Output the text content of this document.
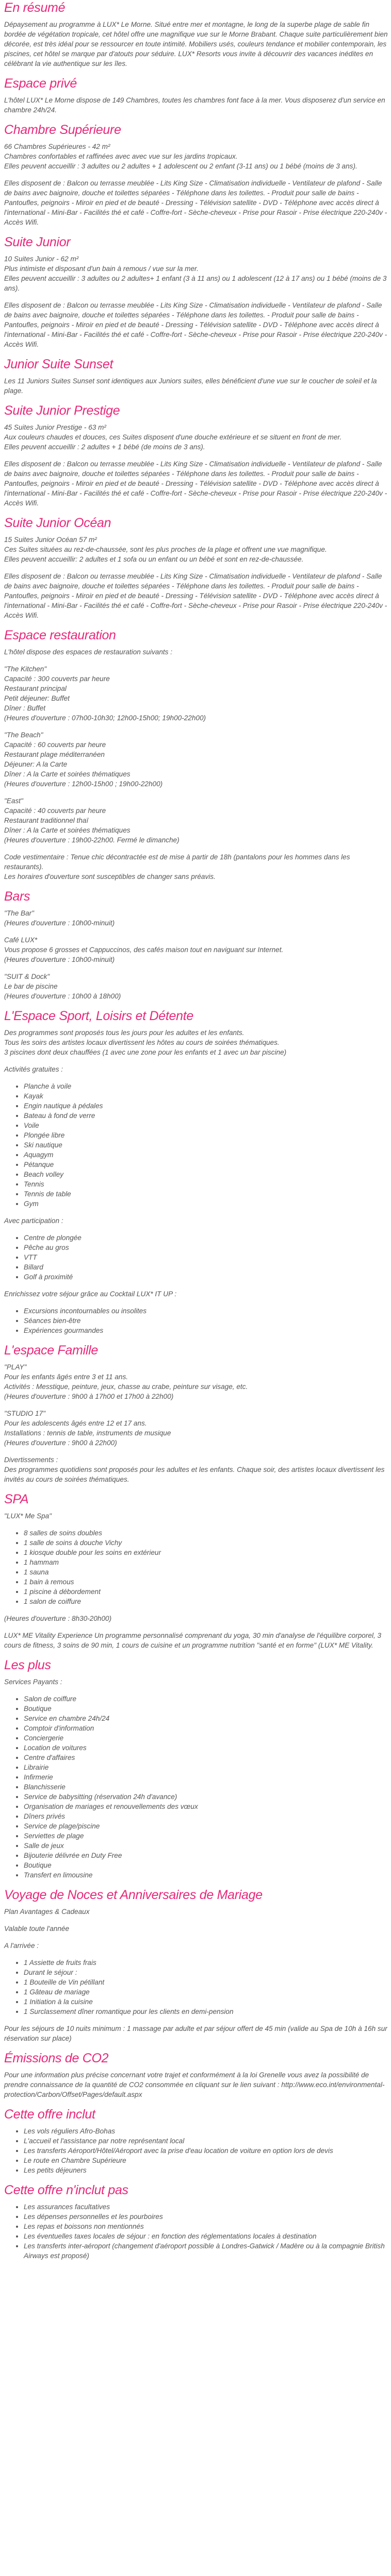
En résumé

Dépaysement au programme à LUX* Le Morne. Situé entre mer et montagne, le long de la superbe plage de sable fin bordée de végétation tropicale, cet hôtel offre une magnifique vue sur le Morne Brabant. Chaque suite particulièrement bien décorée, est très idéal pour se ressourcer en toute intimité. Mobiliers usés, couleurs tendance et mobilier contemporain, les piscines, cet hôtel se marque par d'atouts pour séduire. LUX* Resorts vous invite à découvrir des vacances inédites en célébrant la vie authentique sur les îles.

Espace privé

L'hôtel LUX* Le Morne dispose de 149 Chambres, toutes les chambres font face à la mer. Vous disposerez d'un service en chambre 24h/24.

Chambre Supérieure

66 Chambres Supérieures - 42 m²
Chambres confortables et raffinées avec avec vue sur les jardins tropicaux.
Elles peuvent accueillir : 3 adultes ou 2 adultes + 1 adolescent ou 2 enfant (3-11 ans) ou 1 bébé (moins de 3 ans).

Elles disposent de : Balcon ou terrasse meublée - Lits King Size - Climatisation individuelle - Ventilateur de plafond - Salle de bains avec baignoire, douche et toilettes séparées - Téléphone dans les toilettes. - Produit pour salle de bains - Pantoufles, peignoirs - Miroir en pied et de beauté - Dressing - Télévision satellite - DVD - Téléphone avec accès direct à l'international - Mini-Bar - Facilités thé et café - Coffre-fort - Sèche-cheveux - Prise pour Rasoir - Prise électrique 220-240v - Accès Wifi.

Suite Junior

10 Suites Junior - 62 m²
Plus intimiste et disposant d'un bain à remous / vue sur la mer.
Elles peuvent accueillir : 3 adultes ou 2 adultes+ 1 enfant (3 à 11 ans) ou 1 adolescent (12 à 17 ans) ou 1 bébé (moins de 3 ans).

Elles disposent de : Balcon ou terrasse meublée - Lits King Size - Climatisation individuelle - Ventilateur de plafond - Salle de bains avec baignoire, douche et toilettes séparées - Téléphone dans les toilettes. - Produit pour salle de bains - Pantoufles, peignoirs - Miroir en pied et de beauté - Dressing - Télévision satellite - DVD - Téléphone avec accès direct à l'international - Mini-Bar - Facilités thé et café - Coffre-fort - Sèche-cheveux - Prise pour Rasoir - Prise électrique 220-240v - Accès Wifi.

Junior Suite Sunset

Les 11 Juniors Suites Sunset sont identiques aux Juniors suites, elles bénéficient d'une vue sur le coucher de soleil et la plage.

Suite Junior Prestige

45 Suites Junior Prestige - 63 m²
Aux couleurs chaudes et douces, ces Suites disposent d'une douche extérieure et se situent en front de mer.
Elles peuvent accueillir : 2 adultes + 1 bébé (de moins de 3 ans).

Elles disposent de : Balcon ou terrasse meublée - Lits King Size - Climatisation individuelle - Ventilateur de plafond - Salle de bains avec baignoire, douche et toilettes séparées - Téléphone dans les toilettes. - Produit pour salle de bains - Pantoufles, peignoirs - Miroir en pied et de beauté - Dressing - Télévision satellite - DVD - Téléphone avec accès direct à l'international - Mini-Bar - Facilités thé et café - Coffre-fort - Sèche-cheveux - Prise pour Rasoir - Prise électrique 220-240v - Accès Wifi.

Suite Junior Océan

15 Suites Junior Océan 57 m²
Ces Suites situées au rez-de-chaussée, sont les plus proches de la plage et offrent une vue magnifique.
Elles peuvent accueillir: 2 adultes et 1 sofa ou un enfant ou un bébé et sont en rez-de-chaussée.

Elles disposent de : Balcon ou terrasse meublée - Lits King Size - Climatisation individuelle - Ventilateur de plafond - Salle de bains avec baignoire, douche et toilettes séparées - Téléphone dans les toilettes. - Produit pour salle de bains - Pantoufles, peignoirs - Miroir en pied et de beauté - Dressing - Télévision satellite - DVD - Téléphone avec accès direct à l'international - Mini-Bar - Facilités thé et café - Coffre-fort - Sèche-cheveux - Prise pour Rasoir - Prise électrique 220-240v - Accès Wifi.

Espace restauration

L'hôtel dispose des espaces de restauration suivants :

"The Kitchen"
Capacité : 300 couverts par heure
Restaurant principal
Petit déjeuner: Buffet
Dîner : Buffet
(Heures d'ouverture : 07h00-10h30; 12h00-15h00; 19h00-22h00)

"The Beach"
Capacité : 60 couverts par heure
Restaurant plage méditerranéen
Déjeuner: A la Carte
Dîner : A la Carte et soirées thématiques
(Heures d'ouverture : 12h00-15h00 ; 19h00-22h00)

"East"
Capacité : 40 couverts par heure
Restaurant traditionnel thaï
Dîner : A la Carte et soirées thématiques
(Heures d'ouverture : 19h00-22h00. Fermé le dimanche)

Code vestimentaire : Tenue chic décontractée est de mise à partir de 18h (pantalons pour les hommes dans les restaurants).
Les horaires d'ouverture sont susceptibles de changer sans préavis.

Bars

"The Bar"
(Heures d'ouverture : 10h00-minuit)

Café LUX*
Vous propose 6 grosses et Cappuccinos, des cafés maison tout en naviguant sur Internet.
(Heures d'ouverture : 10h00-minuit)

"SUIT & Dock"
Le bar de piscine
(Heures d'ouverture : 10h00 à 18h00)

L'Espace Sport, Loisirs et Détente

Des programmes sont proposés tous les jours pour les adultes et les enfants.
Tous les soirs des artistes locaux divertissent les hôtes au cours de soirées thématiques.
3 piscines dont deux chauffées (1 avec une zone pour les enfants et 1 avec un bar piscine)

Activités gratuites :

• Planche à voile
• Kayak
• Engin nautique à pédales
• Bateau à fond de verre
• Voile
• Plongée libre
• Ski nautique
• Aquagym
• Pétanque
• Beach volley
• Tennis
• Tennis de table
• Gym

Avec participation :

• Centre de plongée
• Pêche au gros
• VTT
• Billard
• Golf à proximité

Enrichissez votre séjour grâce au Cocktail LUX* IT UP :

• Excursions incontournables ou insolites
• Séances bien-être
• Expériences gourmandes
L'espace Famille

"PLAY"
Pour les enfants âgés entre 3 et 11 ans.
Activités : Messtique, peinture, jeux, chasse au crabe, peinture sur visage, etc.
(Heures d'ouverture : 9h00 à 17h00 et 17h00 à 22h00)

"STUDIO 17"
Pour les adolescents âgés entre 12 et 17 ans.
Installations : tennis de table, instruments de musique
(Heures d'ouverture : 9h00 à 22h00)

Divertissements :
Des programmes quotidiens sont proposés pour les adultes et les enfants. Chaque soir, des artistes locaux divertissent les invités au cours de soirées thématiques.

SPA

"LUX* Me Spa"

• 8 salles de soins doubles
• 1 salle de soins à douche Vichy
• 1 kiosque double pour les soins en extérieur
• 1 hammam
• 1 sauna
• 1 bain à remous
• 1 piscine à débordement
• 1 salon de coiffure

(Heures d'ouverture : 8h30-20h00)

LUX* ME Vitality Experience Un programme personnalisé comprenant du yoga, 30 min d'analyse de l'équilibre corporel, 3 cours de fitness, 3 soins de 90 min, 1 cours de cuisine et un programme nutrition "santé et en forme" (LUX* ME Vitality.

Les plus

Services Payants :

• Salon de coiffure
• Boutique
• Service en chambre 24h/24
• Comptoir d'information
• Conciergerie
• Location de voitures
• Centre d'affaires
• Librairie
• Infirmerie
• Blanchisserie
• Service de babysitting (réservation 24h d'avance)
• Organisation de mariages et renouvellements des vœux
• Dîners privés
• Service de plage/piscine
• Serviettes de plage
• Salle de jeux
• Bijouterie délivrée en Duty Free
• Boutique
• Transfert en limousine
Voyage de Noces et Anniversaires de Mariage

Plan Avantages & Cadeaux
Valable toute l'année
A l'arrivée :

• 1 Assiette de fruits frais
• Durant le séjour :
• 1 Bouteille de Vin pétillant
• 1 Gâteau de mariage
• 1 Initiation à la cuisine
• 1 Surclassement dîner romantique pour les clients en demi-pension

Pour les séjours de 10 nuits minimum : 1 massage par adulte et par séjour offert de 45 min (valide au Spa de 10h à 16h sur réservation sur place)

Émissions de CO2

Pour une information plus précise concernant votre trajet et conformément à la loi Grenelle vous avez la possibilité de prendre connaissance de la quantité de CO2 consommée en cliquant sur le lien suivant : http://www.eco.int/environmental-protection/Carbon/Offset/Pages/default.aspx

Cette offre inclut
• Les vols réguliers Afro-Bohas
• L'accueil et l'assistance par notre représentant local
• Les transferts Aéroport/Hôtel/Aéroport avec la prise d'eau location de voiture en option lors de devis
• Le route en Chambre Supérieure
• Les petits déjeuners
Cette offre n'inclut pas
• Les assurances facultatives
• Les dépenses personnelles et les pourboires
• Les repas et boissons non mentionnés
• Les éventuelles taxes locales de séjour : en fonction des réglementations locales à destination
• Les transferts inter-aéroport (changement d'aéroport possible à Londres-Gatwick / Madère ou à la compagnie British Airways est proposé)
